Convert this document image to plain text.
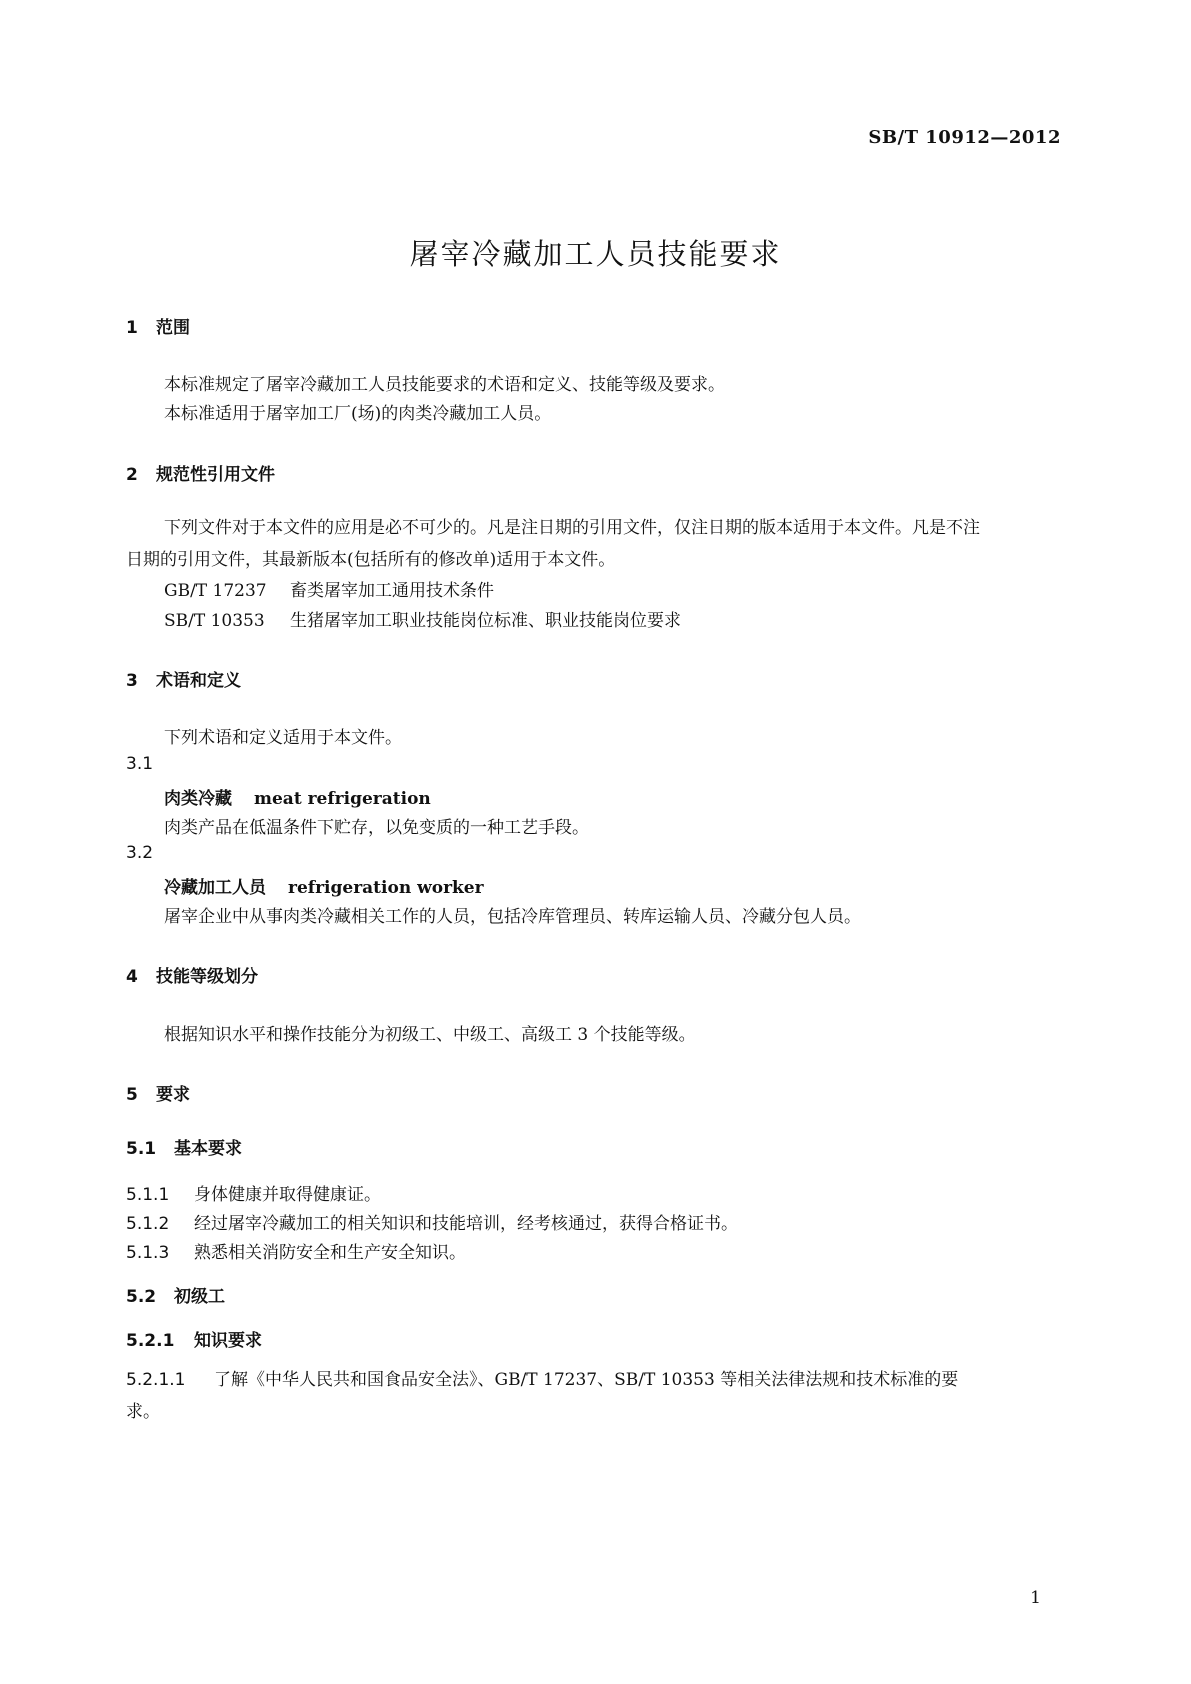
SB/T 10912—2012
屠宰冷藏加工人员技能要求
1 范围
本标准规定了屠宰冷藏加工人员技能要求的术语和定义、技能等级及要求。
本标准适用于屠宰加工厂(场)的肉类冷藏加工人员。
2 规范性引用文件
下列文件对于本文件的应用是必不可少的。凡是注日期的引用文件，仅注日期的版本适用于本文件。凡是不注日期的引用文件，其最新版本(包括所有的修改单)适用于本文件。
GB/T 17237 畜类屠宰加工通用技术条件
SB/T 10353 生猪屠宰加工职业技能岗位标准、职业技能岗位要求
3 术语和定义
下列术语和定义适用于本文件。
3.1
肉类冷藏 meat refrigeration
肉类产品在低温条件下贮存，以免变质的一种工艺手段。
3.2
冷藏加工人员 refrigeration worker
屠宰企业中从事肉类冷藏相关工作的人员，包括冷库管理员、转库运输人员、冷藏分包人员。
4 技能等级划分
根据知识水平和操作技能分为初级工、中级工、高级工 3 个技能等级。
5 要求
5.1 基本要求
5.1.1 身体健康并取得健康证。
5.1.2 经过屠宰冷藏加工的相关知识和技能培训，经考核通过，获得合格证书。
5.1.3 熟悉相关消防安全和生产安全知识。
5.2 初级工
5.2.1 知识要求
5.2.1.1 了解《中华人民共和国食品安全法》、GB/T 17237、SB/T 10353 等相关法律法规和技术标准的要求。
1
